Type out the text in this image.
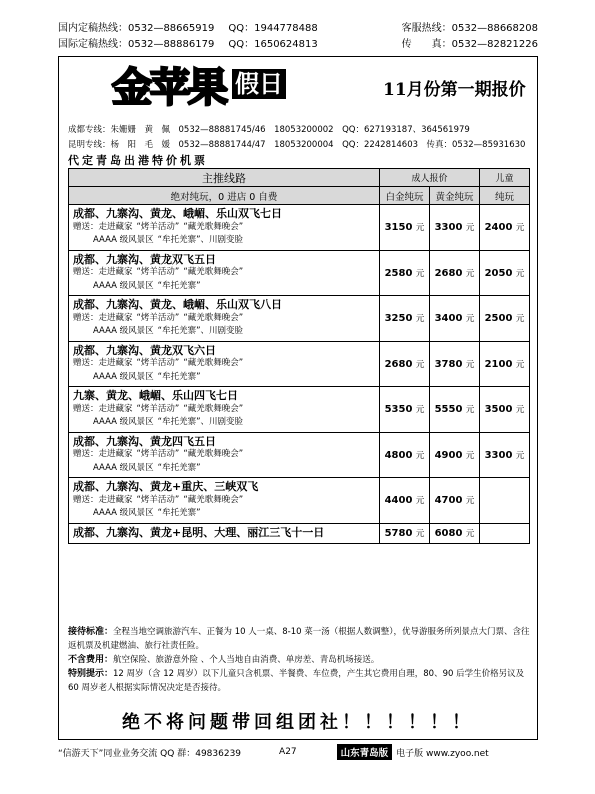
国内定稿热线：0532—88665919 QQ：1944778488	客服热线：0532—88668208
国际定稿热线：0532—88886179 QQ：1650624813	传　　真：0532—82821226
金苹果 假日	11月份第一期报价
成都专线：朱姗姗　黄　佩　0532—88881745/46　18053200002　QQ：627193187、364561979
昆明专线：杨　阳　毛　媛　0532—88881744/47　18053200004　QQ：2242814603　传真：0532—85931630
代定青岛出港特价机票
主推线路	成人报价		儿童
绝对纯玩，0 进店 0 自费	白金纯玩	黄金纯玩	纯玩

成都、九寨沟、黄龙、峨嵋、乐山双飞七日
赠送：走进藏家 “烤羊活动” “藏羌歌舞晚会”
AAAA 级风景区 “牟托羌寨”、川剧变脸	3150 元	3300 元	2400 元

成都、九寨沟、黄龙双飞五日
赠送：走进藏家 “烤羊活动” “藏羌歌舞晚会”
AAAA 级风景区 “牟托羌寨”	2580 元	2680 元	2050 元

成都、九寨沟、黄龙、峨嵋、乐山双飞八日
赠送：走进藏家 “烤羊活动” “藏羌歌舞晚会”
AAAA 级风景区 “牟托羌寨”、川剧变脸	3250 元	3400 元	2500 元

成都、九寨沟、黄龙双飞六日
赠送：走进藏家 “烤羊活动” “藏羌歌舞晚会”
AAAA 级风景区 “牟托羌寨”	2680 元	3780 元	2100 元

九寨、黄龙、峨嵋、乐山四飞七日
赠送：走进藏家 “烤羊活动” “藏羌歌舞晚会”
AAAA 级风景区 “牟托羌寨”、川剧变脸	5350 元	5550 元	3500 元

成都、九寨沟、黄龙四飞五日
赠送：走进藏家 “烤羊活动” “藏羌歌舞晚会”
AAAA 级风景区 “牟托羌寨”	4800 元	4900 元	3300 元

成都、九寨沟、黄龙+重庆、三峡双飞
赠送：走进藏家 “烤羊活动” “藏羌歌舞晚会”
AAAA 级风景区 “牟托羌寨”	4400 元	4700 元	
成都、九寨沟、黄龙+昆明、大理、丽江三飞十一日	5780 元	6080 元	
接待标准：全程当地空调旅游汽车、正餐为 10 人一桌、8-10 菜一汤（根据人数调整），优导游服务所列景点大门票、含往返机票及机建燃油、旅行社责任险。
不含费用：航空保险、旅游意外险 、个人当地自由消费、单房差、青岛机场接送。
特别提示：12 周岁（含 12 周岁）以下儿童只含机票、半餐费、车位费，产生其它费用自理，80、90 后学生价格另议及 60 周岁老人根据实际情况决定是否接待。
绝不将问题带回组团社！！！！！！
“信游天下”同业业务交流 QQ 群：49836239	A27	山东青岛版 电子版 www.zyoo.net
